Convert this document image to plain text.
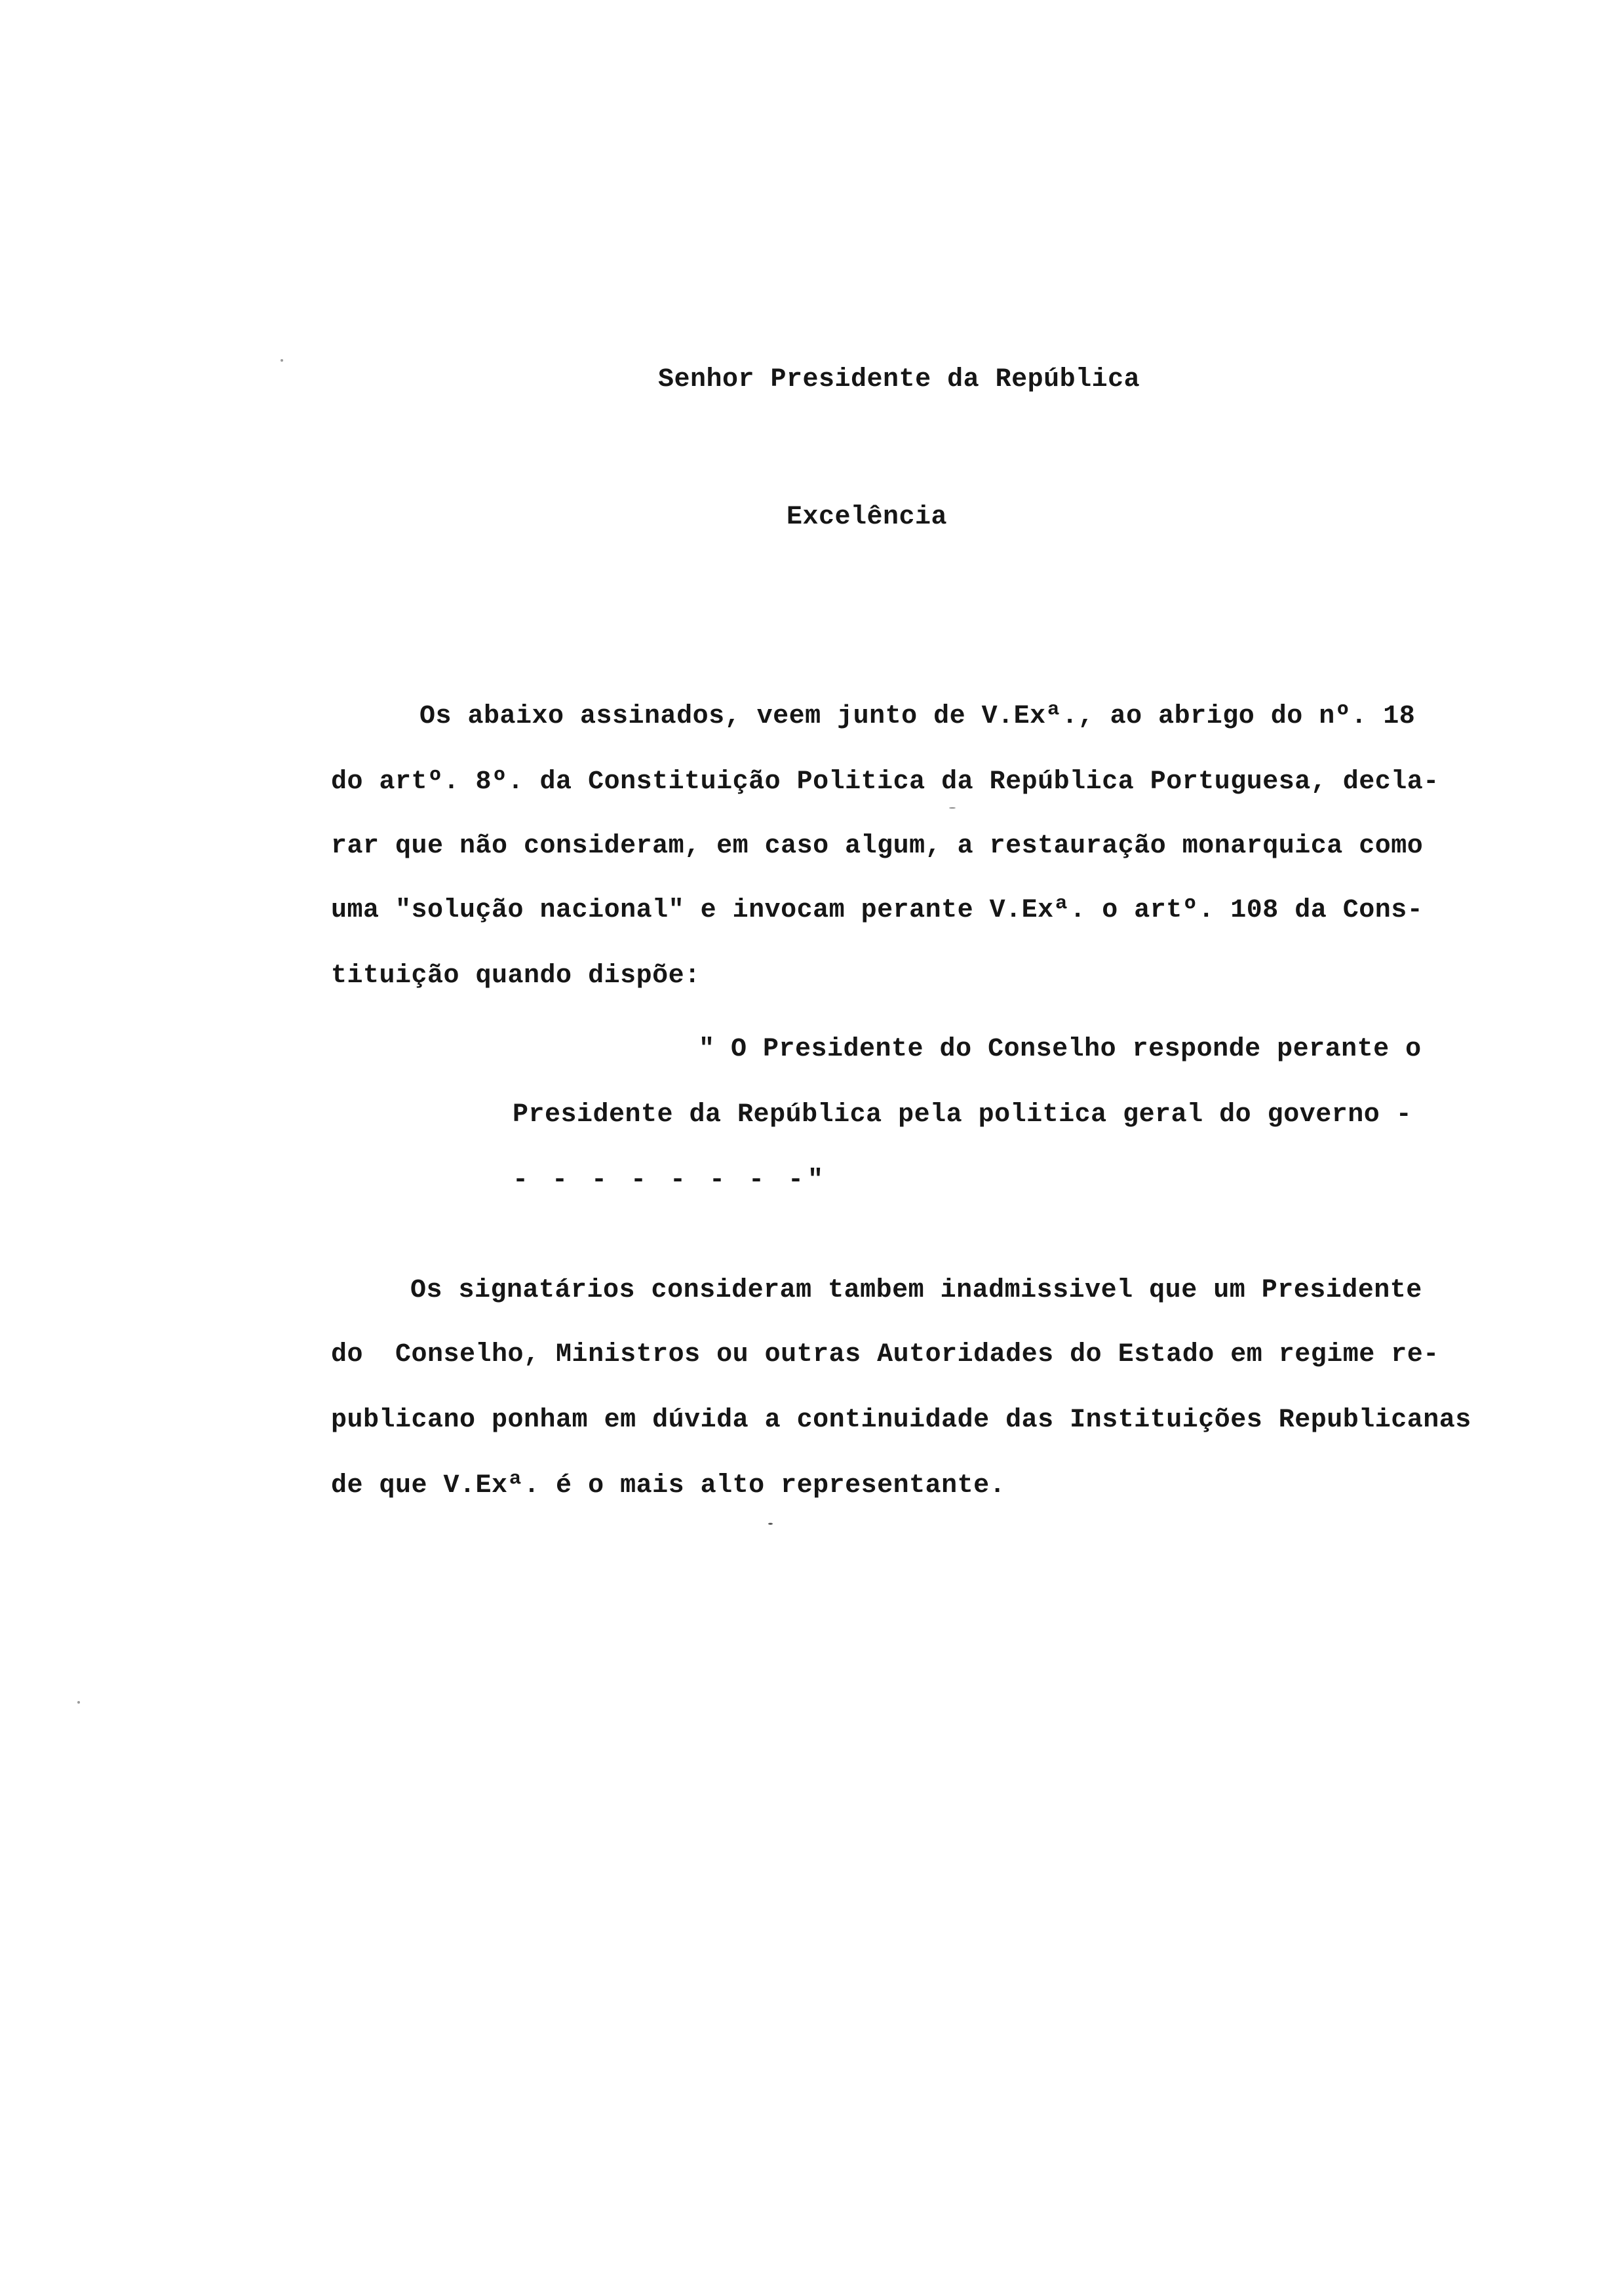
Senhor Presidente da República
Excelência
Os abaixo assinados, veem junto de V.Exª., ao abrigo do nº. 18
do artº. 8º. da Constituição Politica da República Portuguesa, decla-
rar que não consideram, em caso algum, a restauração monarquica como
uma "solução nacional" e invocam perante V.Exª. o artº. 108 da Cons-
tituição quando dispõe:
" O Presidente do Conselho responde perante o
Presidente da República pela politica geral do governo -
- - - - - - - -"
Os signatários consideram tambem inadmissivel que um Presidente
do  Conselho, Ministros ou outras Autoridades do Estado em regime re-
publicano ponham em dúvida a continuidade das Instituições Republicanas
de que V.Exª. é o mais alto representante.
